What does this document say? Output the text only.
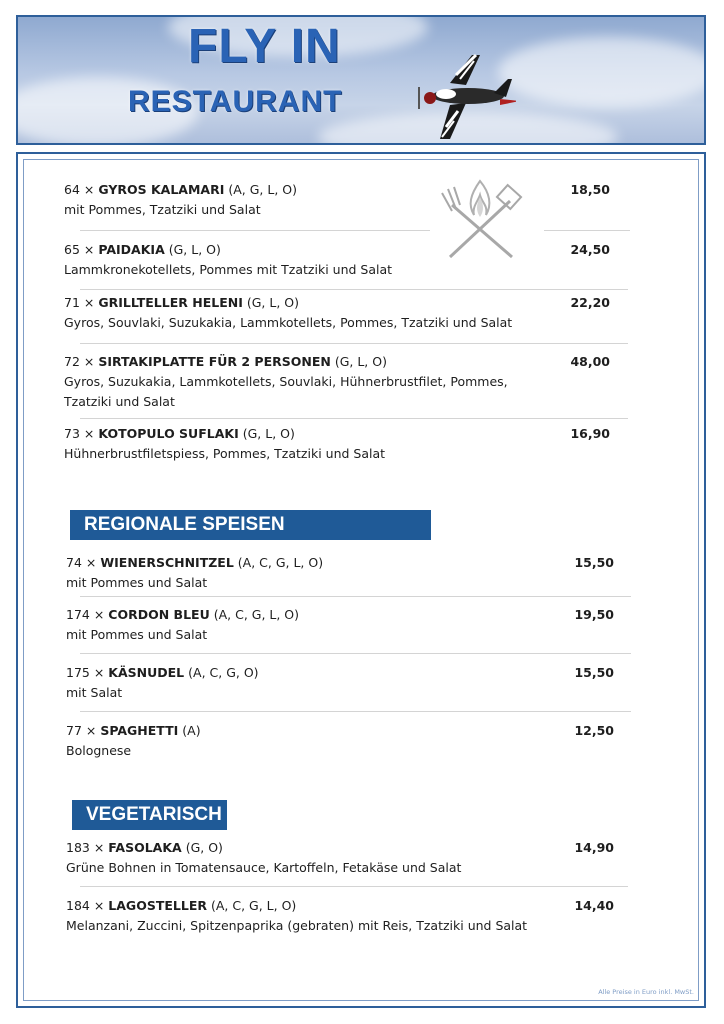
FLY IN
RESTAURANT
64 × GYROS KALAMARI (A, G, L, O)
mit Pommes, Tzatziki und Salat
18,50
65 × PAIDAKIA (G, L, O)
Lammkronekotellets, Pommes mit Tzatziki und Salat
24,50
71 × GRILLTELLER HELENI (G, L, O)
Gyros, Souvlaki, Suzukakia, Lammkotellets, Pommes, Tzatziki und Salat
22,20
72 × SIRTAKIPLATTE FÜR 2 PERSONEN (G, L, O)
Gyros, Suzukakia, Lammkotellets, Souvlaki, Hühnerbrustfilet, Pommes,
Tzatziki und Salat
48,00
73 × KOTOPULO SUFLAKI (G, L, O)
Hühnerbrustfiletspiess, Pommes, Tzatziki und Salat
16,90
REGIONALE SPEISEN
74 × WIENERSCHNITZEL (A, C, G, L, O)
mit Pommes und Salat
15,50
174 × CORDON BLEU (A, C, G, L, O)
mit Pommes und Salat
19,50
175 × KÄSNUDEL (A, C, G, O)
mit Salat
15,50
77 × SPAGHETTI (A)
Bolognese
12,50
VEGETARISCH
183 × FASOLAKA (G, O)
Grüne Bohnen in Tomatensauce, Kartoffeln, Fetakäse und Salat
14,90
184 × LAGOSTELLER (A, C, G, L, O)
Melanzani, Zuccini, Spitzenpaprika (gebraten) mit Reis, Tzatziki und Salat
14,40
Alle Preise in Euro inkl. MwSt.
